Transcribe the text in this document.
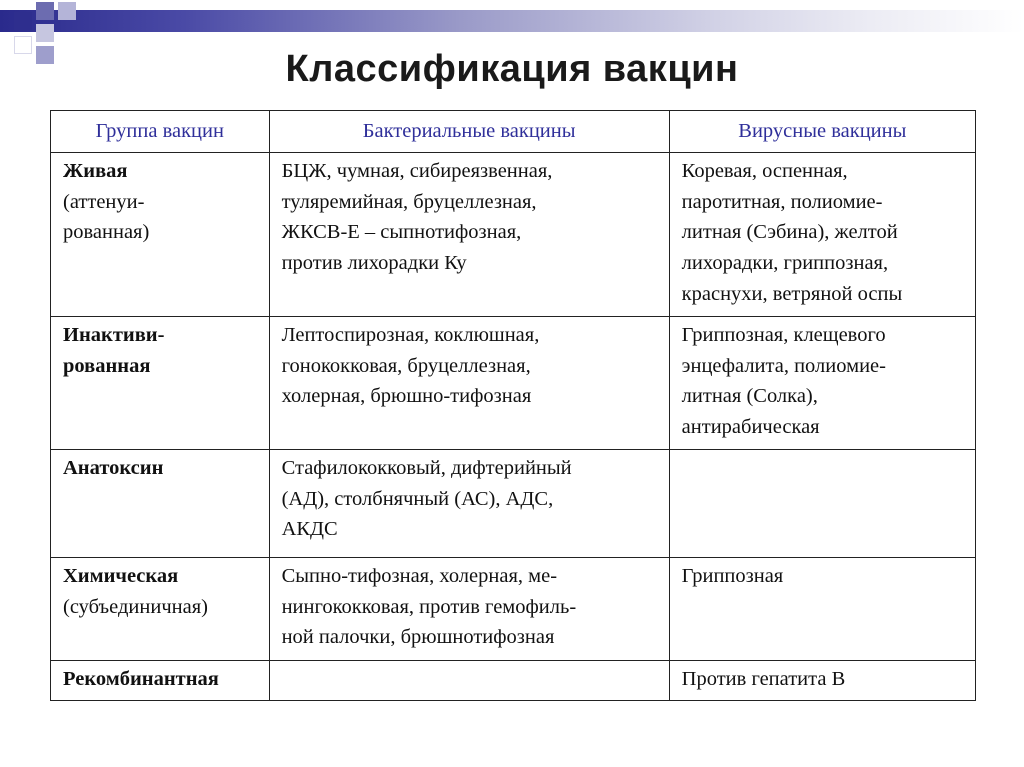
Классификация вакцин
Группа вакцин	Бактериальные вакцины	Вирусные вакцины

Живая
(аттенуи-
рованная)	БЦЖ, чумная, сибиреязвенная,
туляремийная, бруцеллезная,
ЖКСВ-Е – сыпнотифозная,
против лихорадки Ку	Коревая, оспенная,
паротитная, полиомие-
литная (Сэбина), желтой
лихорадки, гриппозная,
краснухи, ветряной оспы

Инактиви-
рованная	Лептоспирозная, коклюшная,
гонококковая, бруцеллезная,
холерная, брюшно-тифозная	Гриппозная, клещевого
энцефалита, полиомие-
литная (Солка),
антирабическая

Анатоксин	Стафилококковый, дифтерийный
(АД), столбнячный (АС), АДС,
АКДС	

Химическая
(субъединичная)	Сыпно-тифозная, холерная, ме-
нингококковая, против гемофиль-
ной палочки, брюшнотифозная	Гриппозная

Рекомбинантная		Против гепатита В
